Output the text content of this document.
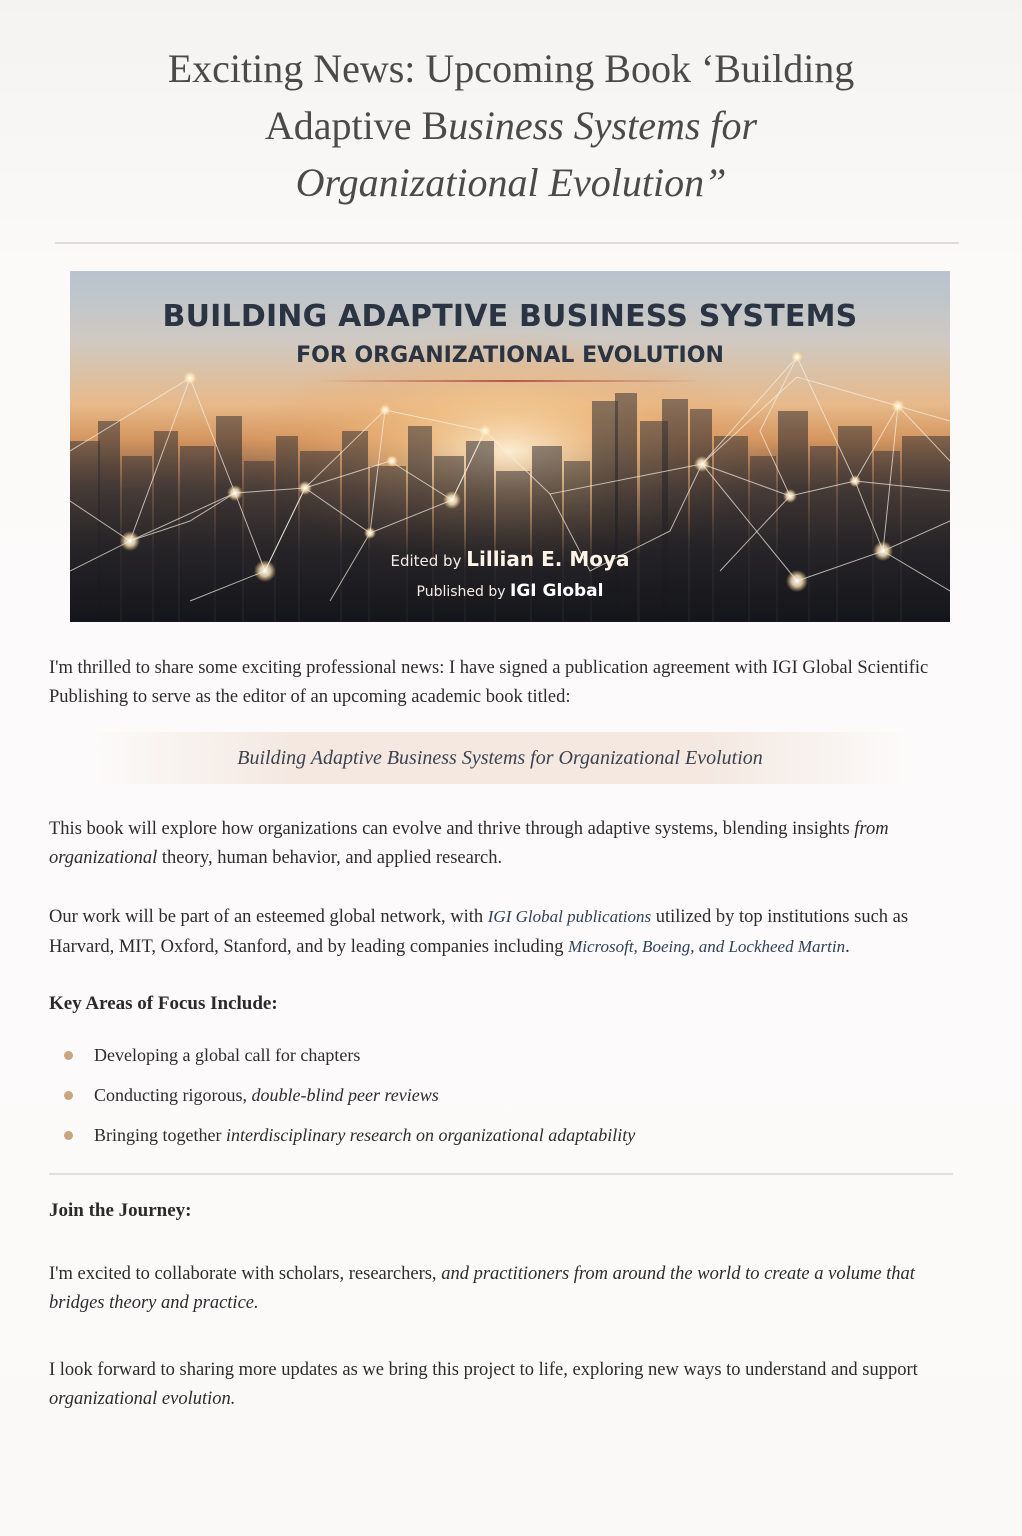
Exciting News: Upcoming Book ‘Building
Adaptive Business Systems for
Organizational Evolution”
BUILDING ADAPTIVE BUSINESS SYSTEMS
FOR ORGANIZATIONAL EVOLUTION
Edited by Lillian E. Moya
Published by IGI Global

I'm thrilled to share some exciting professional news: I have signed a publication agreement with IGI Global Scientific Publishing to serve as the editor of an upcoming academic book titled:

Building Adaptive Business Systems for Organizational Evolution

This book will explore how organizations can evolve and thrive through adaptive systems, blending insights from organizational theory, human behavior, and applied research.

Our work will be part of an esteemed global network, with IGI Global publications utilized by top institutions such as Harvard, MIT, Oxford, Stanford, and by leading companies including Microsoft, Boeing, and Lockheed Martin.

Key Areas of Focus Include:
Developing a global call for chapters
Conducting rigorous, double-blind peer reviews
Bringing together interdisciplinary research on organizational adaptability
Join the Journey:

I'm excited to collaborate with scholars, researchers, and practitioners from around the world to create a volume that bridges theory and practice.

I look forward to sharing more updates as we bring this project to life, exploring new ways to understand and support organizational evolution.
